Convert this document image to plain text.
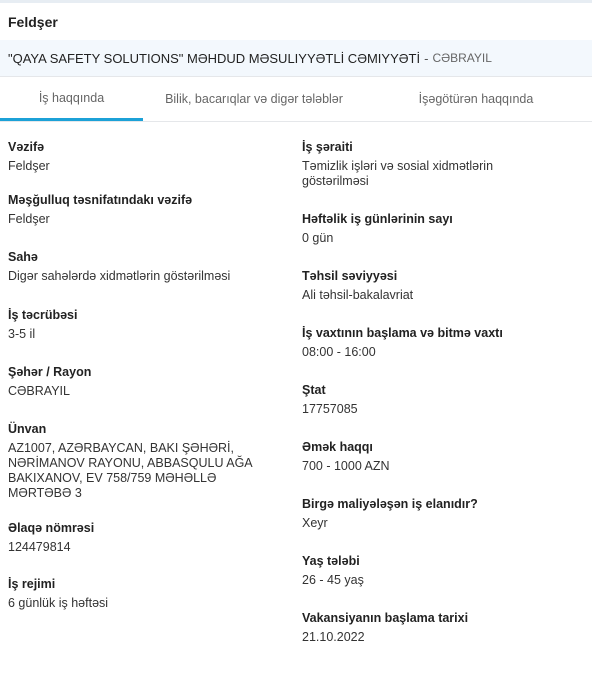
Feldşer
"QAYA SAFETY SOLUTIONS" MƏHDUD MƏSULIYYƏTLİ CƏMIYYƏTİ - CƏBRAYIL
İş haqqında	Bilik, bacarıqlar və digər tələblər	İşəgötürən haqqında
Vəzifə
Feldşer
Məşğulluq təsnifatındakı vəzifə
Feldşer
Sahə
Digər sahələrdə xidmətlərin göstərilməsi
İş təcrübəsi
3-5 il
Şəhər / Rayon
CƏBRAYIL
Ünvan
AZ1007, AZƏRBAYCAN, BAKI ŞƏHƏRİ, NƏRİMANOV RAYONU, ABBASQULU AĞA BAKIXANOV, EV 758/759 MƏHƏLLƏ MƏRTƏBƏ 3
Əlaqə nömrəsi
124479814
İş rejimi
6 günlük iş həftəsi
İş şəraiti
Təmizlik işləri və sosial xidmətlərin göstərilməsi
Həftəlik iş günlərinin sayı
0 gün
Təhsil səviyyəsi
Ali təhsil-bakalavriat
İş vaxtının başlama və bitmə vaxtı
08:00 - 16:00
Ştat
17757085
Əmək haqqı
700 - 1000 AZN
Birgə maliyələşən iş elanıdır?
Xeyr
Yaş tələbi
26 - 45 yaş
Vakansiyanın başlama tarixi
21.10.2022
